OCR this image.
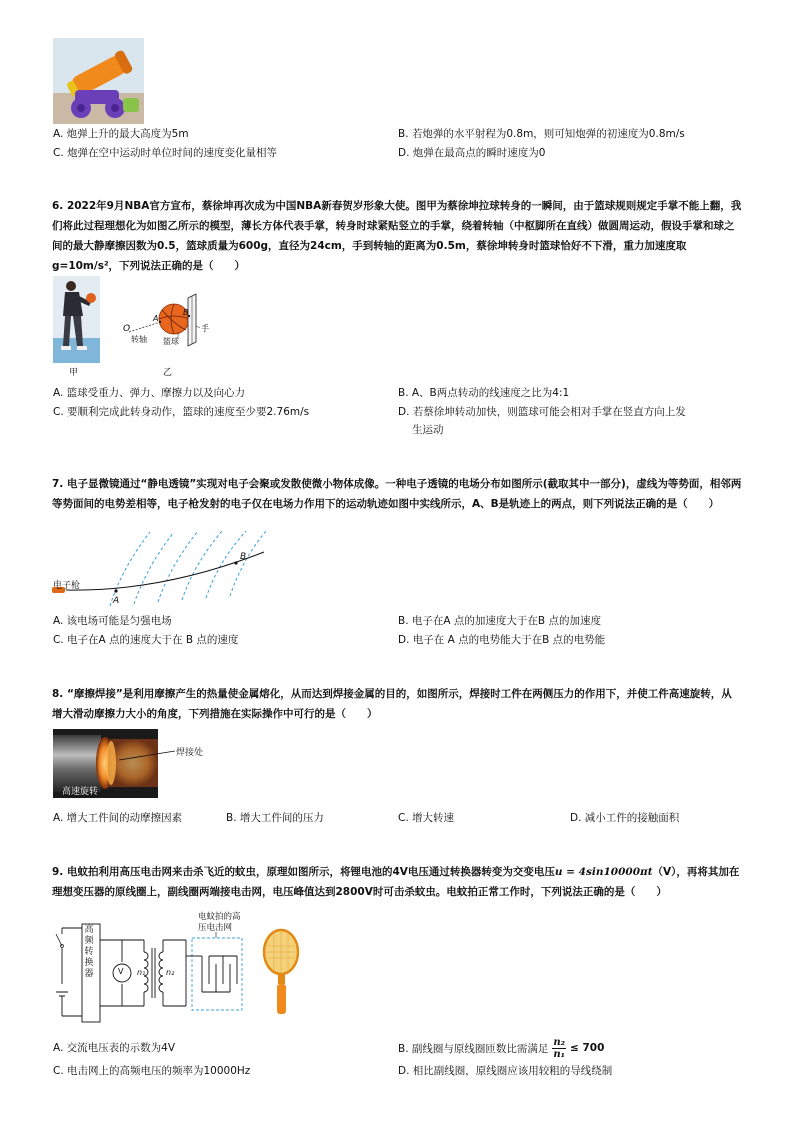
A. 炮弹上升的最大高度为5m	B. 若炮弹的水平射程为0.8m，则可知炮弹的初速度为0.8m/s
C. 炮弹在空中运动时单位时间的速度变化量相等	D. 炮弹在最高点的瞬时速度为0
6. 2022年9月NBA官方宣布，蔡徐坤再次成为中国NBA新春贺岁形象大使。图甲为蔡徐坤拉球转身的一瞬间，由于篮球规则规定手掌不能上翻，我们将此过程理想化为如图乙所示的模型，薄长方体代表手掌，转身时球紧贴竖立的手掌，绕着转轴（中枢脚所在直线）做圆周运动，假设手掌和球之间的最大静摩擦因数为0.5，篮球质量为600g，直径为24cm，手到转轴的距离为0.5m，蔡徐坤转身时篮球恰好不下滑，重力加速度取g=10m/s²，下列说法正确的是（　　）
甲
O
A
B
转轴 篮球
手
乙
A. 篮球受重力、弹力、摩擦力以及向心力	B. A、B两点转动的线速度之比为4:1
C. 要顺利完成此转身动作，篮球的速度至少要2.76m/s	D. 若蔡徐坤转动加快，则篮球可能会相对手掌在竖直方向上发
生运动
7. 电子显微镜通过“静电透镜”实现对电子会聚或发散使微小物体成像。一种电子透镜的电场分布如图所示(截取其中一部分)，虚线为等势面，相邻两等势面间的电势差相等，电子枪发射的电子仅在电场力作用下的运动轨迹如图中实线所示，A、B是轨迹上的两点，则下列说法正确的是（　　）
电子枪
A
B
A. 该电场可能是匀强电场	B. 电子在A 点的加速度大于在B 点的加速度
C. 电子在A 点的速度大于在 B 点的速度	D. 电子在 A 点的电势能大于在B 点的电势能
8. “摩擦焊接”是利用摩擦产生的热量使金属熔化，从而达到焊接金属的目的，如图所示，焊接时工件在两侧压力的作用下，并使工件高速旋转，从增大滑动摩擦力大小的角度，下列措施在实际操作中可行的是（　　）
焊接处
高速旋转
A. 增大工件间的动摩擦因素	B. 增大工件间的压力	C. 增大转速	D. 减小工件的接触面积
9. 电蚊拍利用高压电击网来击杀飞近的蚊虫，原理如图所示，将锂电池的4V电压通过转换器转变为交变电压u = 4sin10000πt（V），再将其加在理想变压器的原线圈上，副线圈两端接电击网，电压峰值达到2800V时可击杀蚊虫。电蚊拍正常工作时，下列说法正确的是（　　）
高
频
转
换
器	V n₁	n₂
电蚊拍的高
压电击网
A. 交流电压表的示数为4V	B. 副线圈与原线圈匝数比需满足 $\frac{\text{n₂}}{\text{n₁}} \le 700$
C. 电击网上的高频电压的频率为10000Hz	D. 相比副线圈，原线圈应该用较粗的导线绕制
